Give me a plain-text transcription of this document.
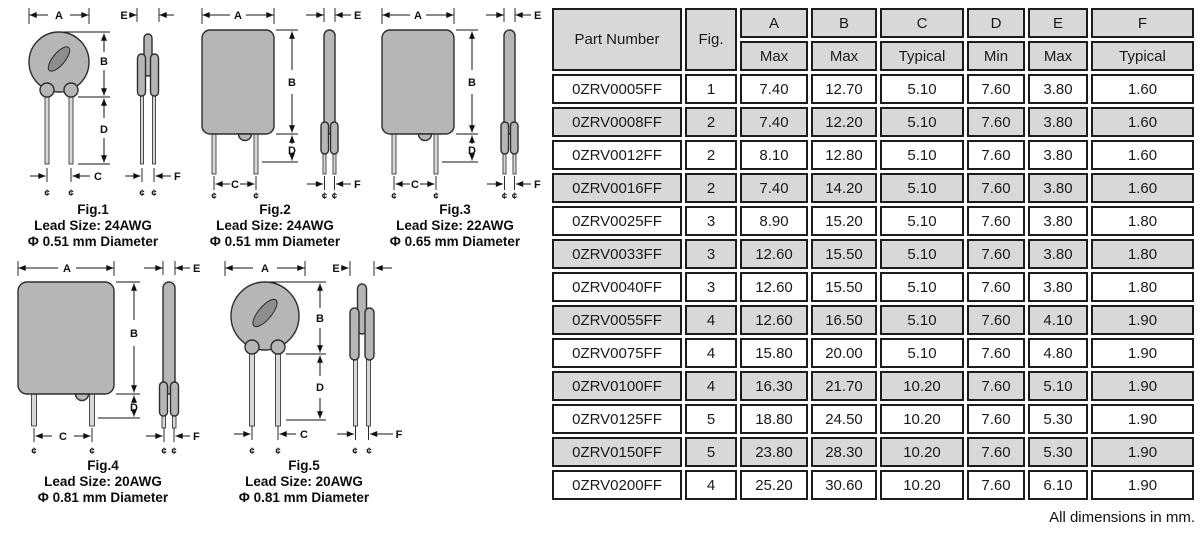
A
B
D
C
¢ ¢
E
F
¢ ¢
Fig.1
Lead Size: 24AWG
Φ 0.51 mm Diameter
A
B
D
C
¢	¢
E
F
¢ ¢
Fig.2
Lead Size: 24AWG
Φ 0.51 mm Diameter
A
B
D
C
¢	¢
E
F
¢ ¢
Fig.3
Lead Size: 22AWG
Φ 0.65 mm Diameter
A
B
D
C
¢	¢
E
F
¢ ¢
Fig.4
Lead Size: 20AWG
Φ 0.81 mm Diameter
A
B
D
C
¢ ¢
E
F
¢ ¢
Fig.5
Lead Size: 20AWG
Φ 0.81 mm Diameter
Part Number	Fig.	A	B	C	D	E	F
		Max	Max	Typical	Min	Max	Typical
0ZRV0005FF	1	7.40	12.70	5.10	7.60	3.80	1.60
0ZRV0008FF	2	7.40	12.20	5.10	7.60	3.80	1.60
0ZRV0012FF	2	8.10	12.80	5.10	7.60	3.80	1.60
0ZRV0016FF	2	7.40	14.20	5.10	7.60	3.80	1.60
0ZRV0025FF	3	8.90	15.20	5.10	7.60	3.80	1.80
0ZRV0033FF	3	12.60	15.50	5.10	7.60	3.80	1.80
0ZRV0040FF	3	12.60	15.50	5.10	7.60	3.80	1.80
0ZRV0055FF	4	12.60	16.50	5.10	7.60	4.10	1.90
0ZRV0075FF	4	15.80	20.00	5.10	7.60	4.80	1.90
0ZRV0100FF	4	16.30	21.70	10.20	7.60	5.10	1.90
0ZRV0125FF	5	18.80	24.50	10.20	7.60	5.30	1.90
0ZRV0150FF	5	23.80	28.30	10.20	7.60	5.30	1.90
0ZRV0200FF	4	25.20	30.60	10.20	7.60	6.10	1.90
All dimensions in mm.
